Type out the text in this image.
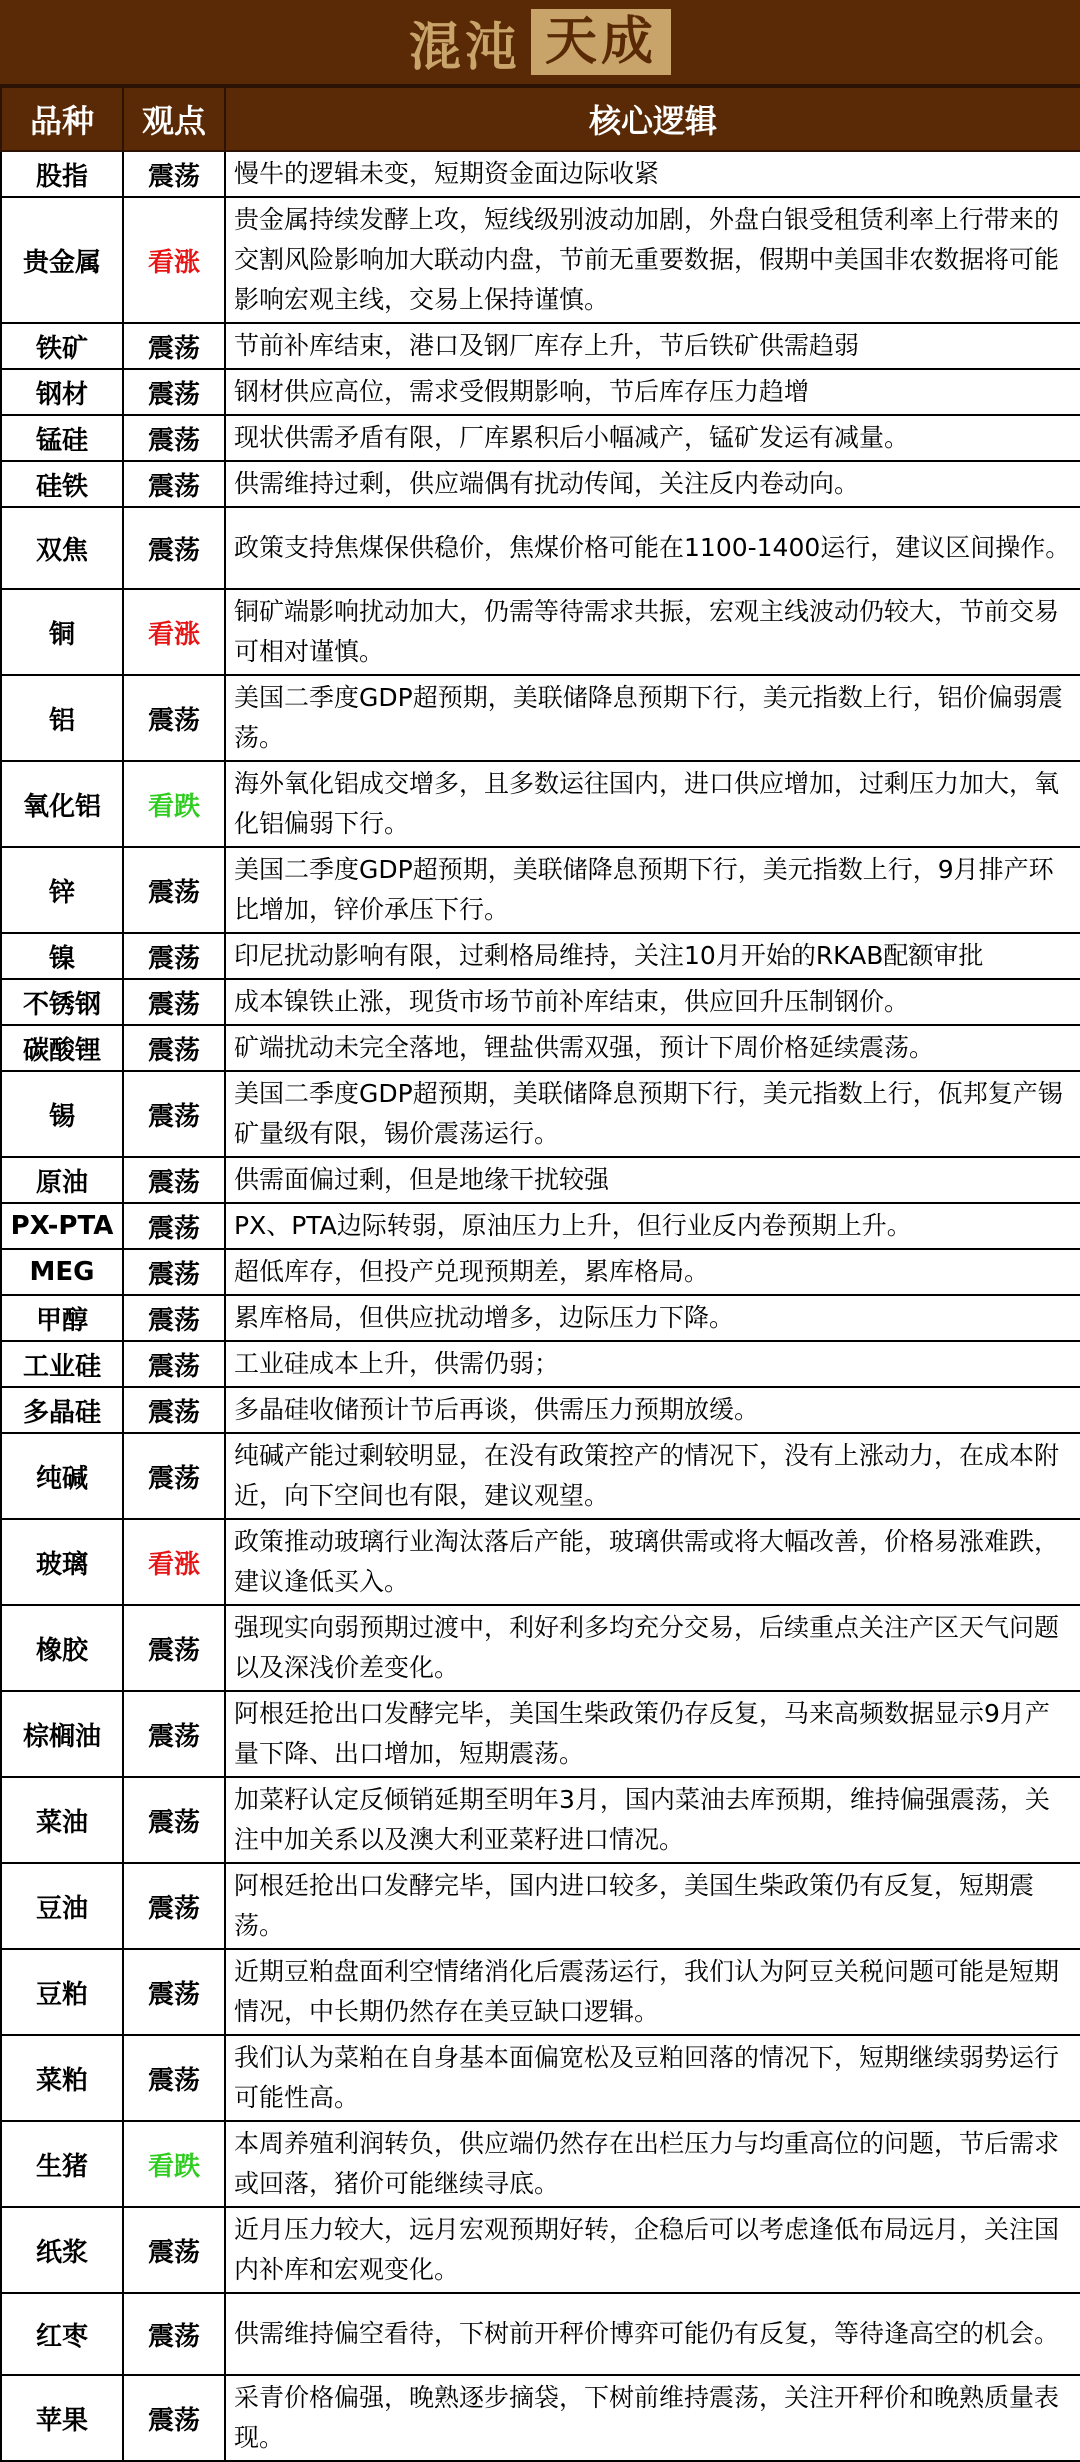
混沌 天成
品种	观点	核心逻辑
股指	震荡	慢牛的逻辑未变，短期资金面边际收紧
贵金属	看涨	贵金属持续发酵上攻，短线级别波动加剧，外盘白银受租赁利率上行带来的交割风险影响加大联动内盘，节前无重要数据，假期中美国非农数据将可能影响宏观主线，交易上保持谨慎。
铁矿	震荡	节前补库结束，港口及钢厂库存上升，节后铁矿供需趋弱
钢材	震荡	钢材供应高位，需求受假期影响，节后库存压力趋增
锰硅	震荡	现状供需矛盾有限，厂库累积后小幅减产，锰矿发运有减量。
硅铁	震荡	供需维持过剩，供应端偶有扰动传闻，关注反内卷动向。
双焦	震荡	政策支持焦煤保供稳价，焦煤价格可能在1100-1400运行，建议区间操作。
铜	看涨	铜矿端影响扰动加大，仍需等待需求共振，宏观主线波动仍较大，节前交易可相对谨慎。
铝	震荡	美国二季度GDP超预期，美联储降息预期下行，美元指数上行，铝价偏弱震荡。
氧化铝	看跌	海外氧化铝成交增多，且多数运往国内，进口供应增加，过剩压力加大，氧化铝偏弱下行。
锌	震荡	美国二季度GDP超预期，美联储降息预期下行，美元指数上行，9月排产环比增加，锌价承压下行。
镍	震荡	印尼扰动影响有限，过剩格局维持，关注10月开始的RKAB配额审批
不锈钢	震荡	成本镍铁止涨，现货市场节前补库结束，供应回升压制钢价。
碳酸锂	震荡	矿端扰动未完全落地，锂盐供需双强，预计下周价格延续震荡。
锡	震荡	美国二季度GDP超预期，美联储降息预期下行，美元指数上行，佤邦复产锡矿量级有限，锡价震荡运行。
原油	震荡	供需面偏过剩，但是地缘干扰较强
PX-PTA	震荡	PX、PTA边际转弱，原油压力上升，但行业反内卷预期上升。
MEG	震荡	超低库存，但投产兑现预期差，累库格局。
甲醇	震荡	累库格局，但供应扰动增多，边际压力下降。
工业硅	震荡	工业硅成本上升，供需仍弱；
多晶硅	震荡	多晶硅收储预计节后再谈，供需压力预期放缓。
纯碱	震荡	纯碱产能过剩较明显，在没有政策控产的情况下，没有上涨动力，在成本附近，向下空间也有限，建议观望。
玻璃	看涨	政策推动玻璃行业淘汰落后产能，玻璃供需或将大幅改善，价格易涨难跌，建议逢低买入。
橡胶	震荡	强现实向弱预期过渡中，利好利多均充分交易，后续重点关注产区天气问题以及深浅价差变化。
棕榈油	震荡	阿根廷抢出口发酵完毕，美国生柴政策仍存反复，马来高频数据显示9月产量下降、出口增加，短期震荡。
菜油	震荡	加菜籽认定反倾销延期至明年3月，国内菜油去库预期，维持偏强震荡，关注中加关系以及澳大利亚菜籽进口情况。
豆油	震荡	阿根廷抢出口发酵完毕，国内进口较多，美国生柴政策仍有反复，短期震荡。
豆粕	震荡	近期豆粕盘面利空情绪消化后震荡运行，我们认为阿豆关税问题可能是短期情况，中长期仍然存在美豆缺口逻辑。
菜粕	震荡	我们认为菜粕在自身基本面偏宽松及豆粕回落的情况下，短期继续弱势运行可能性高。
生猪	看跌	本周养殖利润转负，供应端仍然存在出栏压力与均重高位的问题，节后需求或回落，猪价可能继续寻底。
纸浆	震荡	近月压力较大，远月宏观预期好转，企稳后可以考虑逢低布局远月，关注国内补库和宏观变化。
红枣	震荡	供需维持偏空看待，下树前开秤价博弈可能仍有反复，等待逢高空的机会。
苹果	震荡	采青价格偏强，晚熟逐步摘袋，下树前维持震荡，关注开秤价和晚熟质量表现。
